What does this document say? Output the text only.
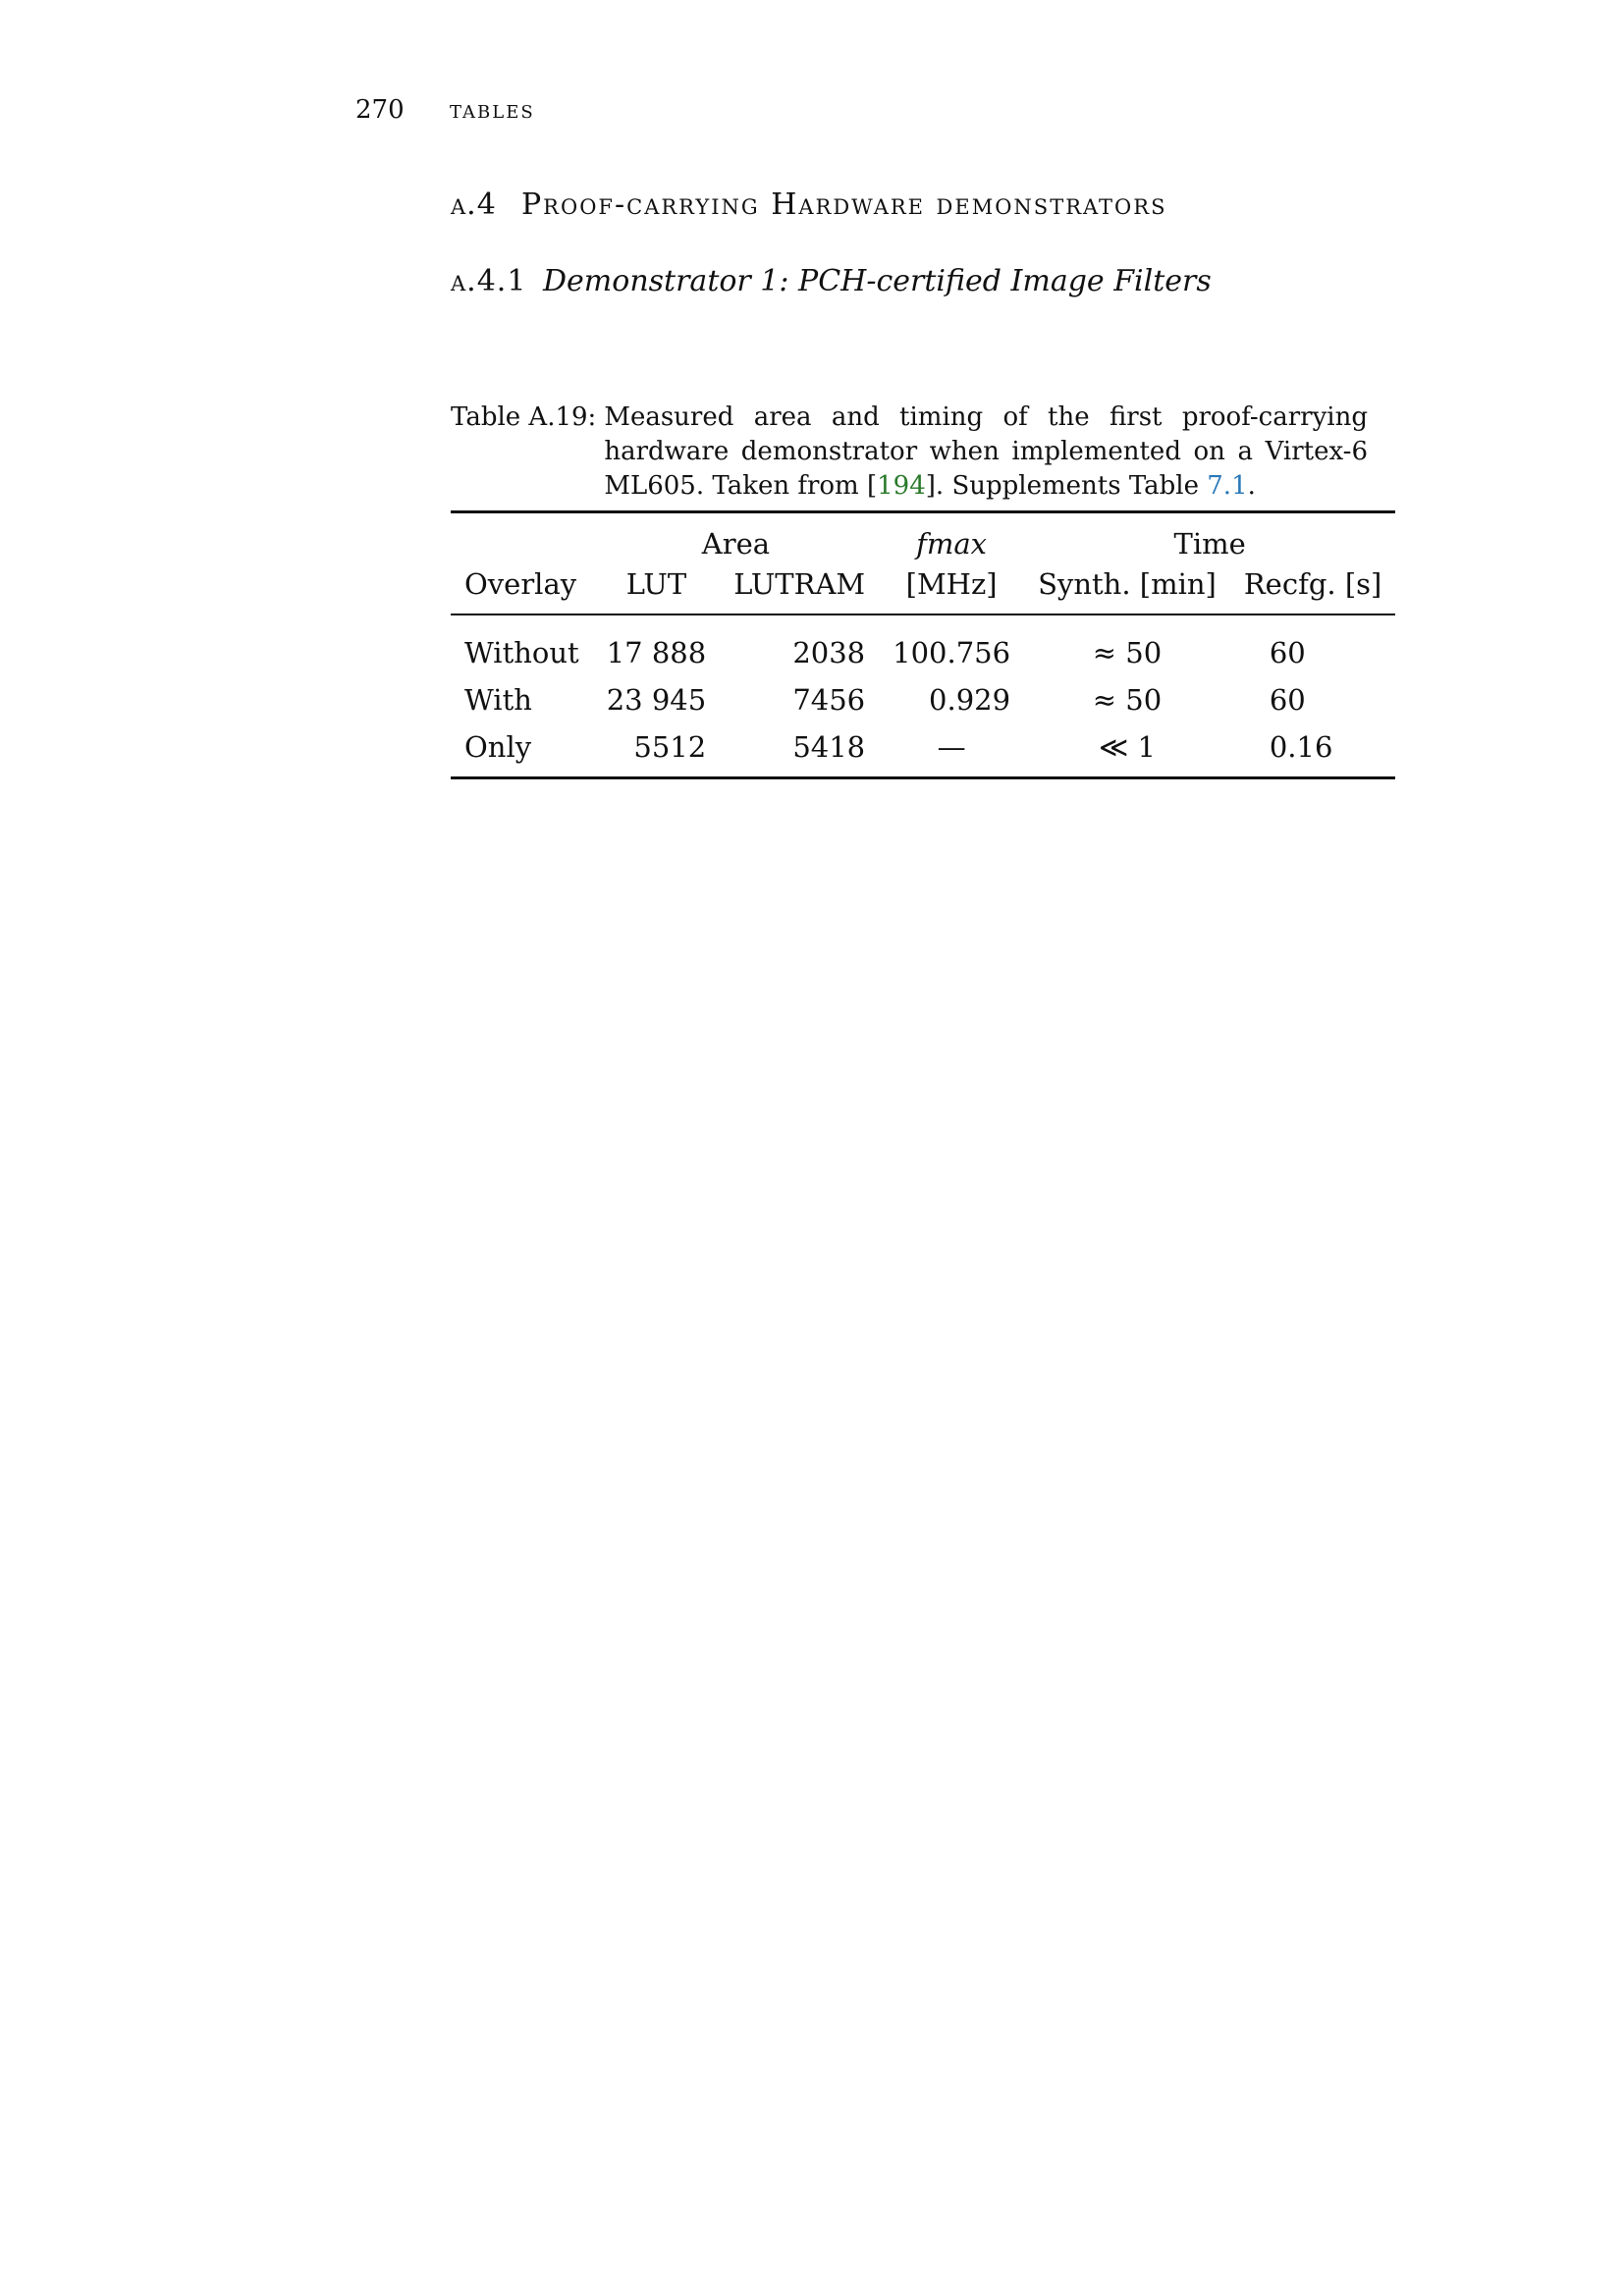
270 tables
a.4 Proof-carrying Hardware demonstrators
a.4.1 Demonstrator 1: PCH-certified Image Filters
Table A.19: Measured area and timing of the first proof-carrying hardware demonstrator when implemented on a Virtex-6 ML605. Taken from [194]. Supplements Table 7.1.
	Area		fmax	Time	
Overlay	LUT	LUTRAM	[MHz]	Synth. [min]	Recfg. [s]
Without	17 888	2038	100.756	≈ 50	60
With	23 945	7456	0.929	≈ 50	60
Only	5512	5418	—	≪ 1	0.16
